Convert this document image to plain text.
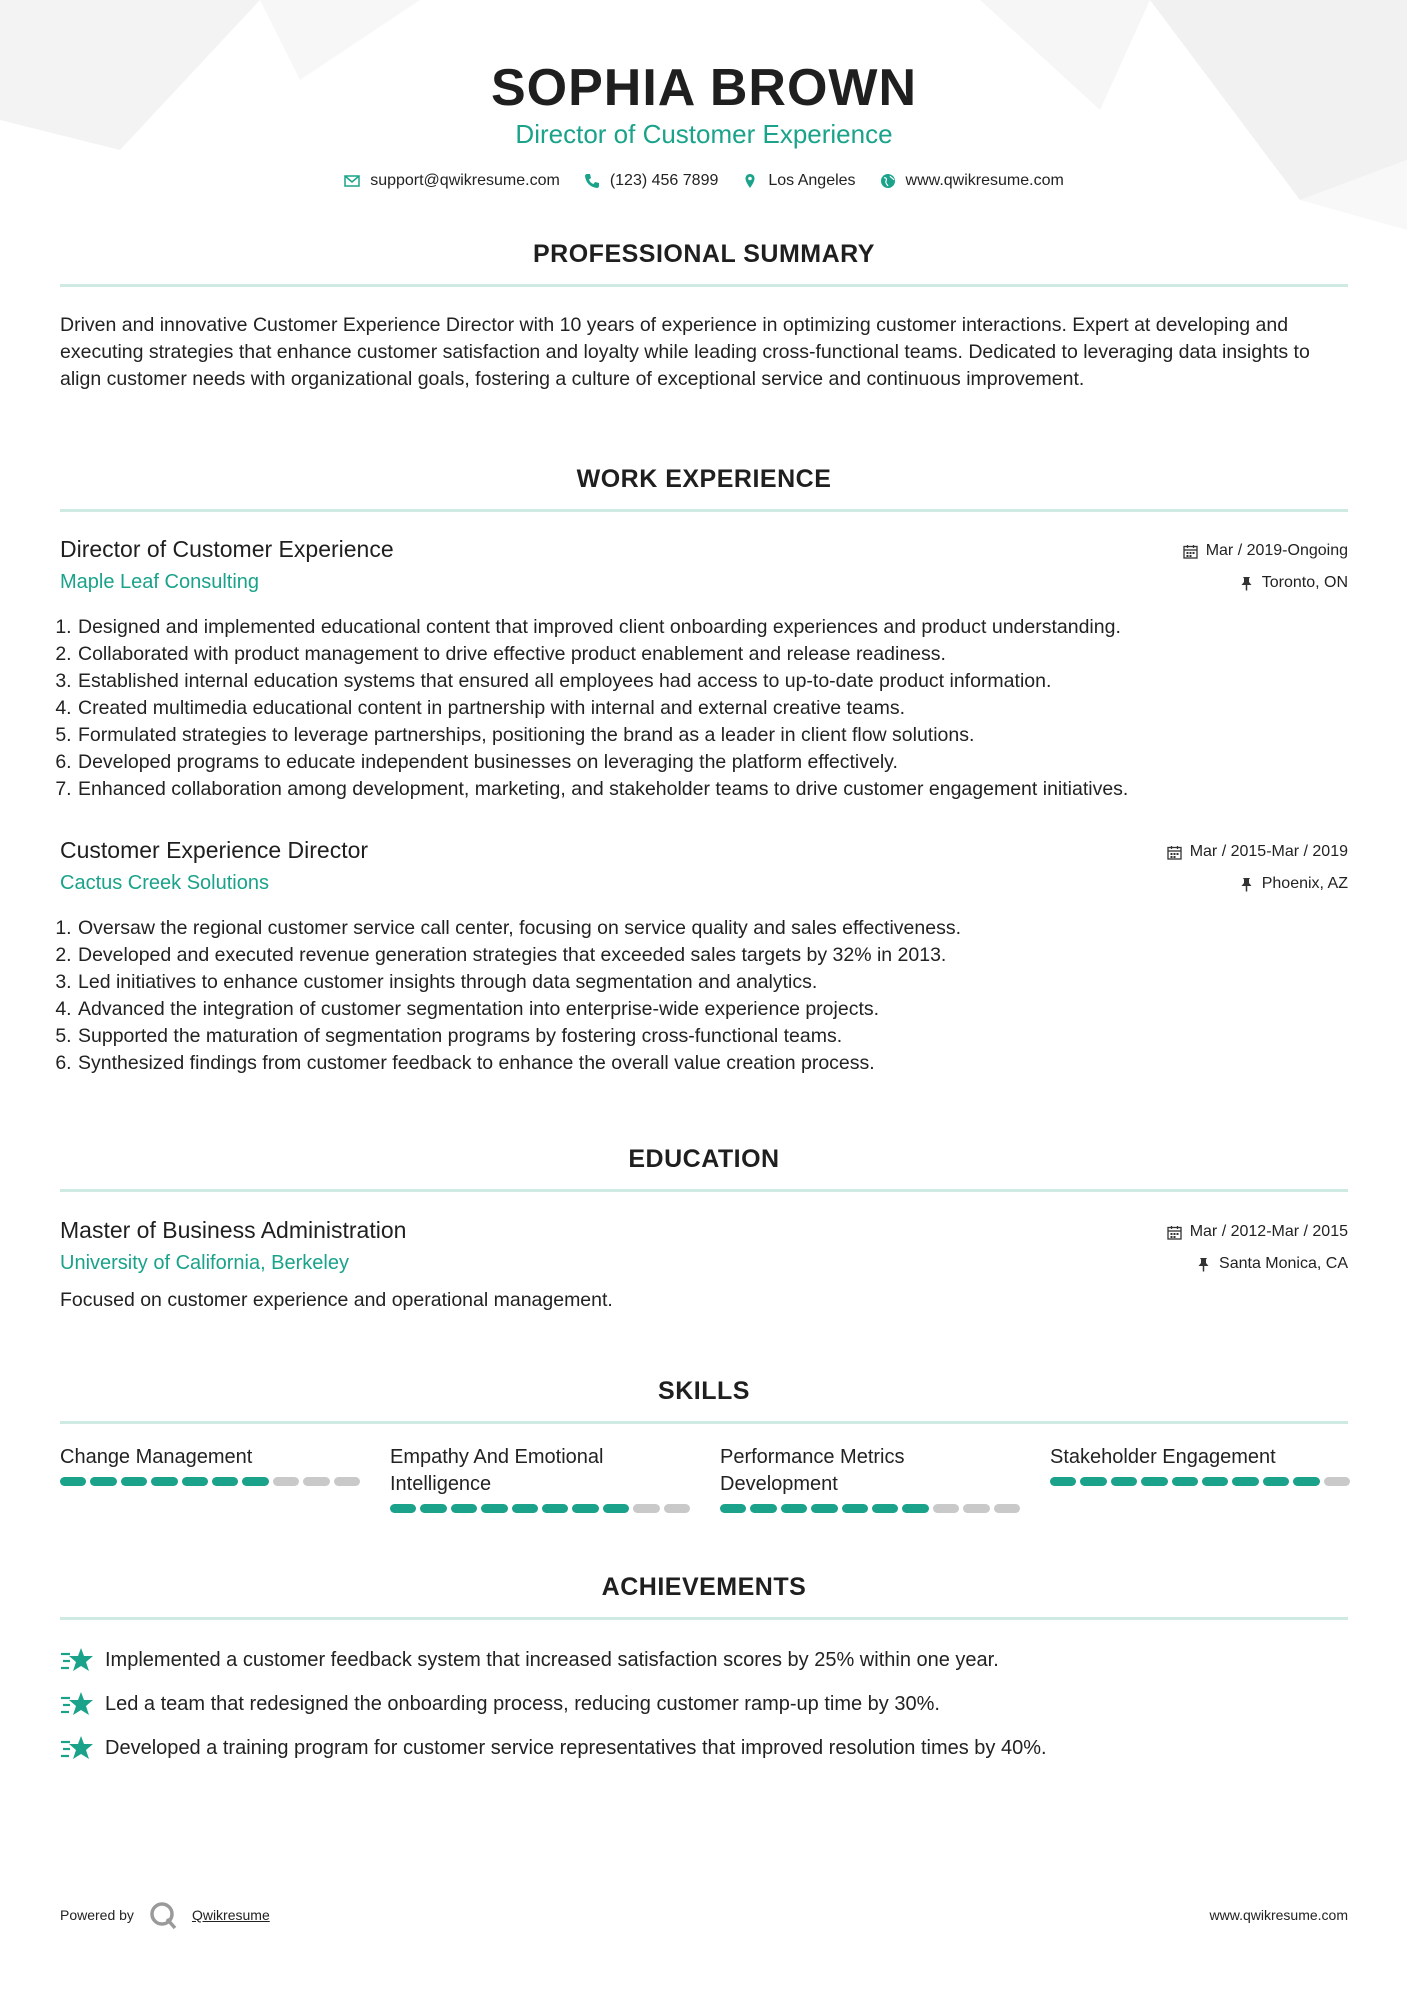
SOPHIA BROWN
Director of Customer Experience
support@qwikresume.com	(123) 456 7899	Los Angeles	www.qwikresume.com
PROFESSIONAL SUMMARY
Driven and innovative Customer Experience Director with 10 years of experience in optimizing customer interactions. Expert at developing and executing strategies that enhance customer satisfaction and loyalty while leading cross-functional teams. Dedicated to leveraging data insights to align customer needs with organizational goals, fostering a culture of exceptional service and continuous improvement.
WORK EXPERIENCE
Director of Customer Experience
Maple Leaf Consulting
Mar / 2019-Ongoing
Toronto, ON
1. Designed and implemented educational content that improved client onboarding experiences and product understanding.
2. Collaborated with product management to drive effective product enablement and release readiness.
3. Established internal education systems that ensured all employees had access to up-to-date product information.
4. Created multimedia educational content in partnership with internal and external creative teams.
5. Formulated strategies to leverage partnerships, positioning the brand as a leader in client flow solutions.
6. Developed programs to educate independent businesses on leveraging the platform effectively.
7. Enhanced collaboration among development, marketing, and stakeholder teams to drive customer engagement initiatives.
Customer Experience Director
Cactus Creek Solutions
Mar / 2015-Mar / 2019
Phoenix, AZ
1. Oversaw the regional customer service call center, focusing on service quality and sales effectiveness.
2. Developed and executed revenue generation strategies that exceeded sales targets by 32% in 2013.
3. Led initiatives to enhance customer insights through data segmentation and analytics.
4. Advanced the integration of customer segmentation into enterprise-wide experience projects.
5. Supported the maturation of segmentation programs by fostering cross-functional teams.
6. Synthesized findings from customer feedback to enhance the overall value creation process.
EDUCATION
Master of Business Administration
University of California, Berkeley
Mar / 2012-Mar / 2015
Santa Monica, CA
Focused on customer experience and operational management.
SKILLS
Change Management	Empathy And Emotional Intelligence
Performance Metrics Development
Stakeholder Engagement
ACHIEVEMENTS
Implemented a customer feedback system that increased satisfaction scores by 25% within one year.
Led a team that redesigned the onboarding process, reducing customer ramp-up time by 30%.
Developed a training program for customer service representatives that improved resolution times by 40%.
Powered by	Qwikresume	www.qwikresume.com
